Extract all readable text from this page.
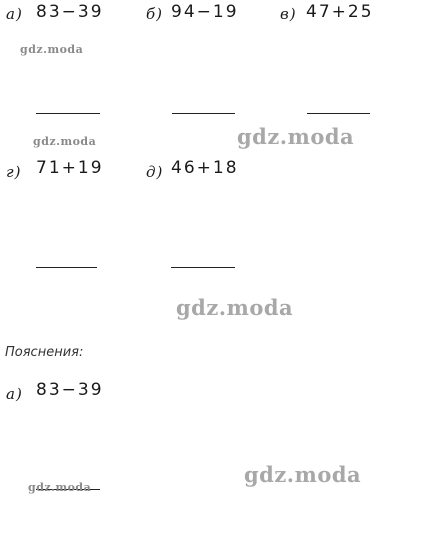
а) 83−39	б) 94−19	в) 47+25
г) 71+19	д) 46+18
Пояснения:
а) 83−39
gdz.moda
gdz.moda	gdz.moda
gdz.moda
gdz.moda
gdz.moda
